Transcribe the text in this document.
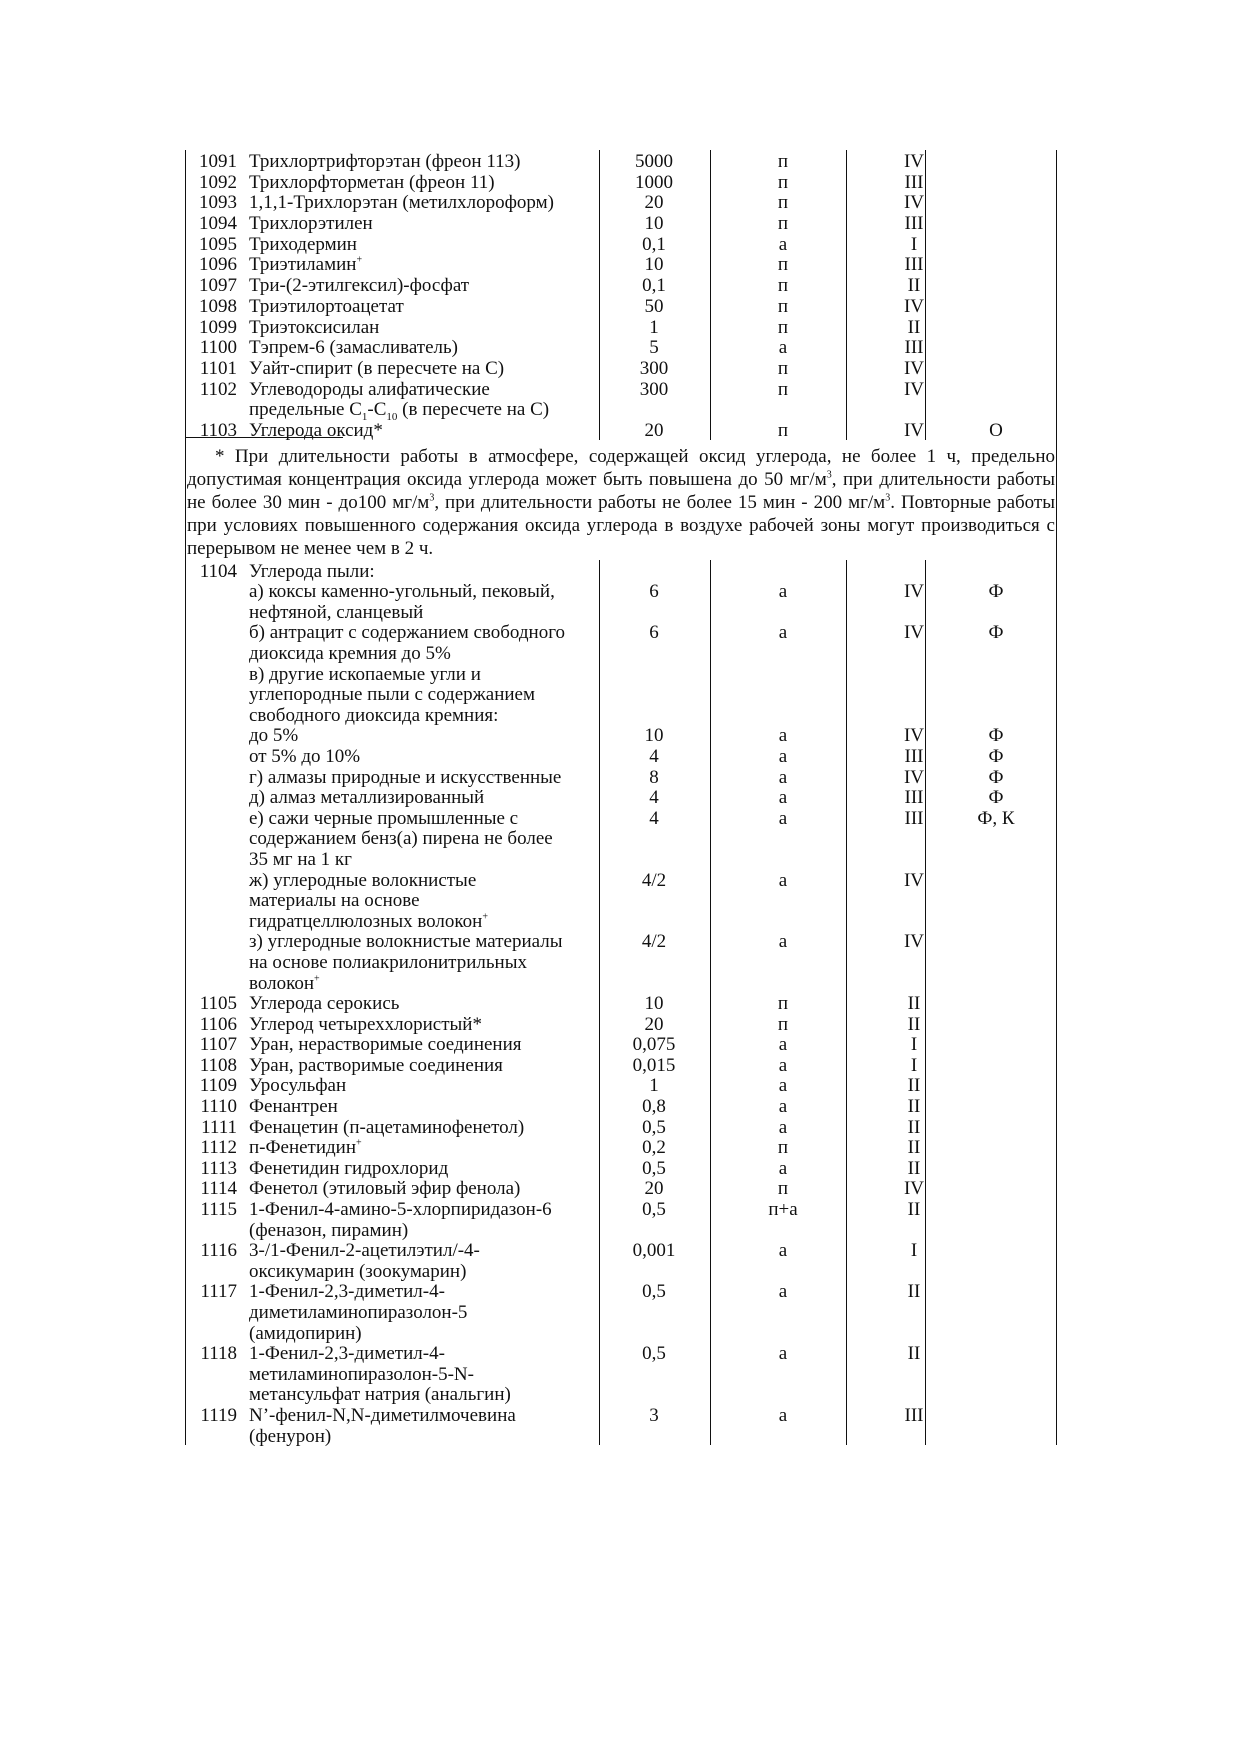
1091 Трихлортрифторэтан (фреон 113)	5000	п	IV
1092 Трихлорфторметан (фреон 11)	1000	п	III
1093 1,1,1-Трихлорэтан (метилхлороформ)	20	п	IV
1094 Трихлорэтилен	10	п	III
1095 Триходермин	0,1	а	I
1096 Триэтиламин+	10	п	III
1097 Три-(2-этилгексил)-фосфат	0,1	п	II
1098 Триэтилортоацетат	50	п	IV
1099 Триэтоксисилан	1	п	II
1100 Тэпрем-6 (замасливатель)	5	а	III
1101 Уайт-спирит (в пересчете на С)	300	п	IV
1102 Углеводороды алифатические	300	п	IV
предельные $С_1-С_{10}$ (в пересчете на С)
1103 Углерода оксид*	20	п	IV	О
* При длительности работы в атмосфере, содержащей оксид углерода, не более 1 ч, предельно допустимая концентрация оксида углерода может быть повышена до 50 $мг/м^3$, при длительности работы не более 30 мин - до100 $мг/м^3$, при длительности работы не более 15 мин - 200 $мг/м^3$. Повторные работы при условиях повышенного содержания оксида углерода в воздухе рабочей зоны могут производиться с перерывом не менее чем в 2 ч.
1104 Углерода пыли:
а) коксы каменно-угольный, пековый,	6	а	IV	Ф
нефтяной, сланцевый
б) антрацит с содержанием свободного	6	а	IV	Ф
диоксида кремния до 5%
в) другие ископаемые угли и
углепородные пыли с содержанием
свободного диоксида кремния:
до 5%	10	а	IV	Ф
от 5% до 10%	4	а	III	Ф
г) алмазы природные и искусственные	8	а	IV	Ф
д) алмаз металлизированный	4	а	III	Ф
е) сажи черные промышленные с	4	а	III	Ф, К
содержанием бенз(а) пирена не более
35 мг на 1 кг
ж) углеродные волокнистые	4/2	а	IV
материалы на основе
гидратцеллюлозных волокон+
з) углеродные волокнистые материалы	4/2	а	IV
на основе полиакрилонитрильных
волокон+
1105 Углерода серокись	10	п	II
1106 Углерод четыреххлористый*	20	п	II
1107 Уран, нерастворимые соединения	0,075	а	I
1108 Уран, растворимые соединения	0,015	а	I
1109 Уросульфан	1	а	II
1110 Фенантрен	0,8	а	II
1111 Фенацетин (п-ацетаминофенетол)	0,5	а	II
1112 п-Фенетидин+	0,2	п	II
1113 Фенетидин гидрохлорид	0,5	а	II
1114 Фенетол (этиловый эфир фенола)	20	п	IV
1115 1-Фенил-4-амино-5-хлорпиридазон-6	0,5	п+а	II
(феназон, пирамин)
1116 3-/1-Фенил-2-ацетилэтил/-4-	0,001	а	I
оксикумарин (зоокумарин)
1117 1-Фенил-2,3-диметил-4-	0,5	а	II
диметиламинопиразолон-5
(амидопирин)
1118 1-Фенил-2,3-диметил-4-	0,5	а	II
метиламинопиразолон-5-N-
метансульфат натрия (анальгин)
1119 N’-фенил-N,N-диметилмочевина	3	а	III
(фенурон)
